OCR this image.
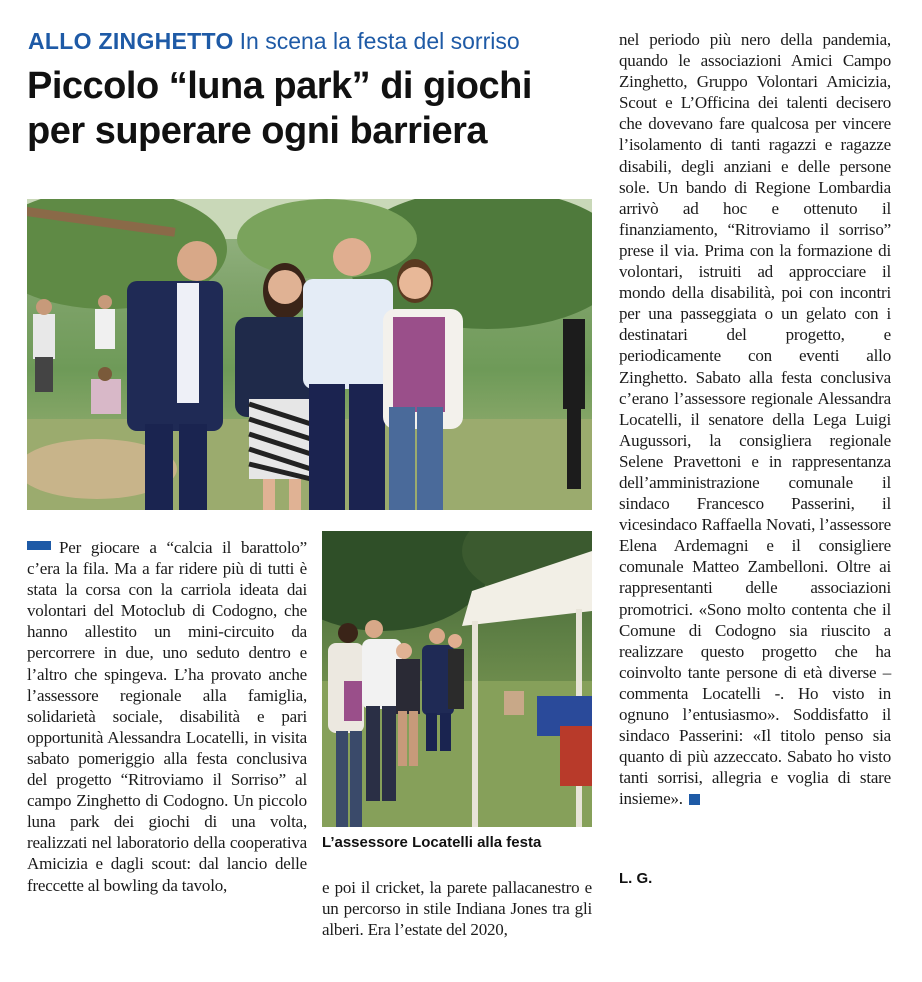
ALLO ZINGHETTO In scena la festa del sorriso
Piccolo “luna park” di giochi
per superare ogni barriera
Per giocare a “calcia il barattolo” c’era la fila. Ma a far ridere più di tutti è stata la corsa con la carriola ideata dai volontari del Motoclub di Codogno, che hanno allestito un mini-circuito da percorrere in due, uno seduto dentro e l’altro che spingeva. L’ha provato anche l’assessore regionale alla famiglia, solidarietà sociale, disabilità e pari opportunità Alessandra Locatelli, in visita sabato pomeriggio alla festa conclusiva del progetto “Ritroviamo il Sorriso” al campo Zinghetto di Codogno. Un piccolo luna park dei giochi di una volta, realizzati nel laboratorio della cooperativa Amicizia e dagli scout: dal lancio delle freccette al bowling da tavolo,
L’assessore Locatelli alla festa
e poi il cricket, la parete pallacanestro e un percorso in stile Indiana Jones tra gli alberi. Era l’estate del 2020,
nel periodo più nero della pandemia, quando le associazioni Amici Campo Zinghetto, Gruppo Volontari Amicizia, Scout e L’Officina dei talenti decisero che dovevano fare qualcosa per vincere l’isolamento di tanti ragazzi e ragazze disabili, degli anziani e delle persone sole. Un bando di Regione Lombardia arrivò ad hoc e ottenuto il finanziamento, “Ritroviamo il sorriso” prese il via. Prima con la formazione di volontari, istruiti ad approcciare il mondo della disabilità, poi con incontri per una passeggiata o un gelato con i destinatari del progetto, e periodicamente con eventi allo Zinghetto. Sabato alla festa conclusiva c’erano l’assessore regionale Alessandra Locatelli, il senatore della Lega Luigi Augussori, la consigliera regionale Selene Pravettoni e in rappresentanza dell’amministrazione comunale il sindaco Francesco Passerini, il vicesindaco Raffaella Novati, l’assessore Elena Ardemagni e il consigliere comunale Matteo Zambelloni. Oltre ai rappresentanti delle associazioni promotrici. «Sono molto contenta che il Comune di Codogno sia riuscito a realizzare questo progetto che ha coinvolto tante persone di età diverse – commenta Locatelli -. Ho visto in ognuno l’entusiasmo». Soddisfatto il sindaco Passerini: «Il titolo penso sia quanto di più azzeccato. Sabato ho visto tanti sorrisi, allegria e voglia di stare insieme».
L. G.
